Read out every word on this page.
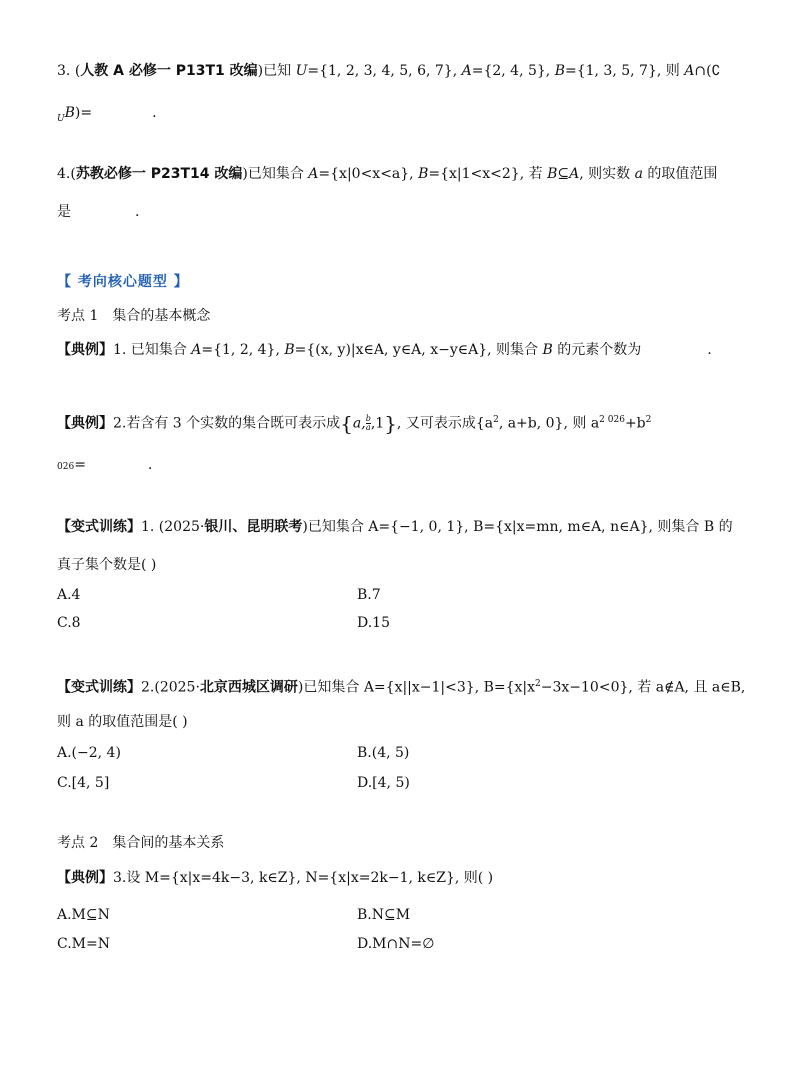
3. (人教 A 必修一 P13T1 改编)已知 U={1, 2, 3, 4, 5, 6, 7}, A={2, 4, 5}, B={1, 3, 5, 7}, 则 A∩(∁
$_U$B)=	.
4.(苏教必修一 P23T14 改编)已知集合 A={x|0<x<a}, B={x|1<x<2}, 若 B⊆A, 则实数 a 的取值范围
是	.
【 考向核心题型 】
考点 1 集合的基本概念
【典例】1. 已知集合 A={1, 2, 4}, B={(x, y)|x∈A, y∈A, x−y∈A}, 则集合 B 的元素个数为	.
【典例】2.若含有 3 个实数的集合既可表示成{a, $\frac{b}{a} ,1$}, 又可表示成{$a^2$, a+b, 0}, 则 $a^{2 026}+b^2$
026=	.
【变式训练】1. (2025·银川、昆明联考)已知集合 A={−1, 0, 1}, B={x|x=mn, m∈A, n∈A}, 则集合 B 的
真子集个数是( )
A.4	B.7
C.8	D.15
【变式训练】2.(2025·北京西城区调研)已知集合 A={x||x−1|<3}, $B=\{x|x^2-3x-10<0\}$, 若 a∉A, 且 a∈B,
则 a 的取值范围是( )
A.(−2, 4)	B.(4, 5)
C.[4, 5]	D.[4, 5)
考点 2 集合间的基本关系
【典例】3.设 M={x|x=4k−3, k∈Z}, N={x|x=2k−1, k∈Z}, 则( )
A.M⊆N	B.N⊆M
C.M=N	D.M∩N=∅
